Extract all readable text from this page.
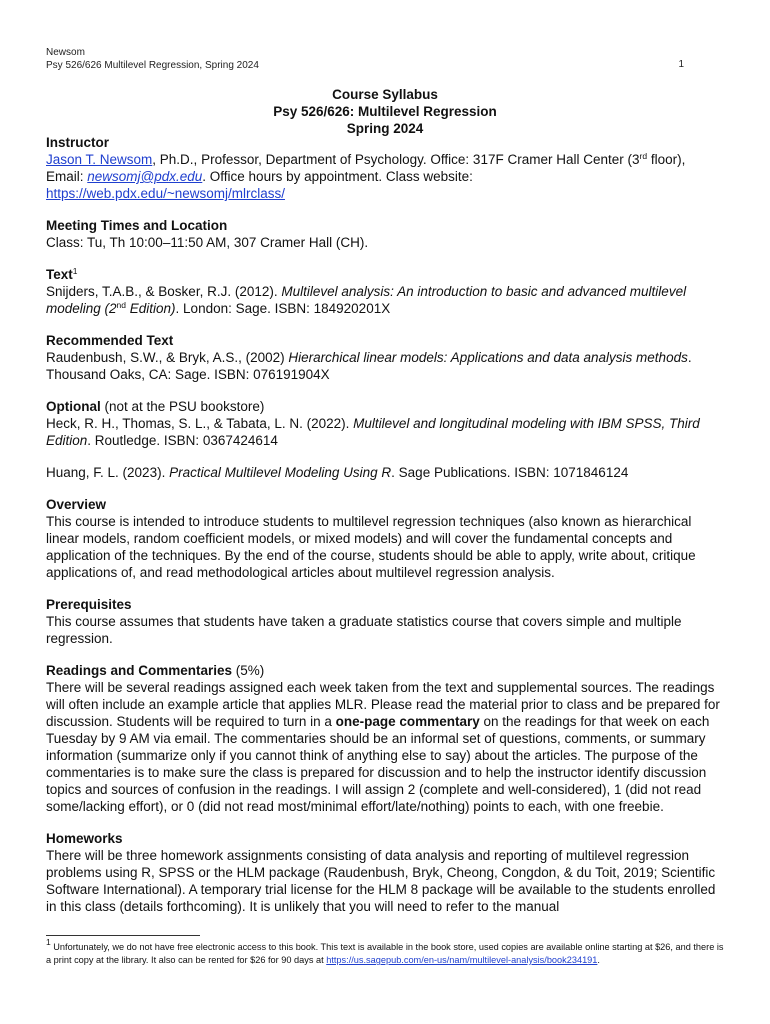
Newsom
Psy 526/626 Multilevel Regression, Spring 2024	1
Course Syllabus
Psy 526/626: Multilevel Regression
Spring 2024
Instructor

Jason T. Newsom, Ph.D., Professor, Department of Psychology. Office: 317F Cramer Hall Center (3rd floor),
Email: newsomj@pdx.edu. Office hours by appointment. Class website:
https://web.pdx.edu/~newsomj/mlrclass/

Meeting Times and Location

Class: Tu, Th 10:00–11:50 AM, 307 Cramer Hall (CH).

Text$^1$

Snijders, T.A.B., & Bosker, R.J. (2012). Multilevel analysis: An introduction to basic and advanced multilevel modeling (2nd Edition). London: Sage. ISBN: 184920201X

Recommended Text

Raudenbush, S.W., & Bryk, A.S., (2002) Hierarchical linear models: Applications and data analysis methods. Thousand Oaks, CA: Sage. ISBN: 076191904X

Optional (not at the PSU bookstore)

Heck, R. H., Thomas, S. L., & Tabata, L. N. (2022). Multilevel and longitudinal modeling with IBM SPSS, Third Edition. Routledge. ISBN: 0367424614

Huang, F. L. (2023). Practical Multilevel Modeling Using R. Sage Publications. ISBN: 1071846124

Overview

This course is intended to introduce students to multilevel regression techniques (also known as hierarchical linear models, random coefficient models, or mixed models) and will cover the fundamental concepts and application of the techniques. By the end of the course, students should be able to apply, write about, critique applications of, and read methodological articles about multilevel regression analysis.

Prerequisites

This course assumes that students have taken a graduate statistics course that covers simple and multiple regression.

Readings and Commentaries (5%)

There will be several readings assigned each week taken from the text and supplemental sources. The readings will often include an example article that applies MLR. Please read the material prior to class and be prepared for discussion. Students will be required to turn in a one-page commentary on the readings for that week on each Tuesday by 9 AM via email. The commentaries should be an informal set of questions, comments, or summary information (summarize only if you cannot think of anything else to say) about the articles. The purpose of the commentaries is to make sure the class is prepared for discussion and to help the instructor identify discussion topics and sources of confusion in the readings. I will assign 2 (complete and well-considered), 1 (did not read some/lacking effort), or 0 (did not read most/minimal effort/late/nothing) points to each, with one freebie.

Homeworks

There will be three homework assignments consisting of data analysis and reporting of multilevel regression problems using R, SPSS or the HLM package (Raudenbush, Bryk, Cheong, Congdon, & du Toit, 2019; Scientific Software International). A temporary trial license for the HLM 8 package will be available to the students enrolled in this class (details forthcoming). It is unlikely that you will need to refer to the manual

$^1$ Unfortunately, we do not have free electronic access to this book. This text is available in the book store, used copies are available online starting at $26, and there is a print copy at the library. It also can be rented for $26 for 90 days at https://us.sagepub.com/en-us/nam/multilevel-analysis/book234191.
